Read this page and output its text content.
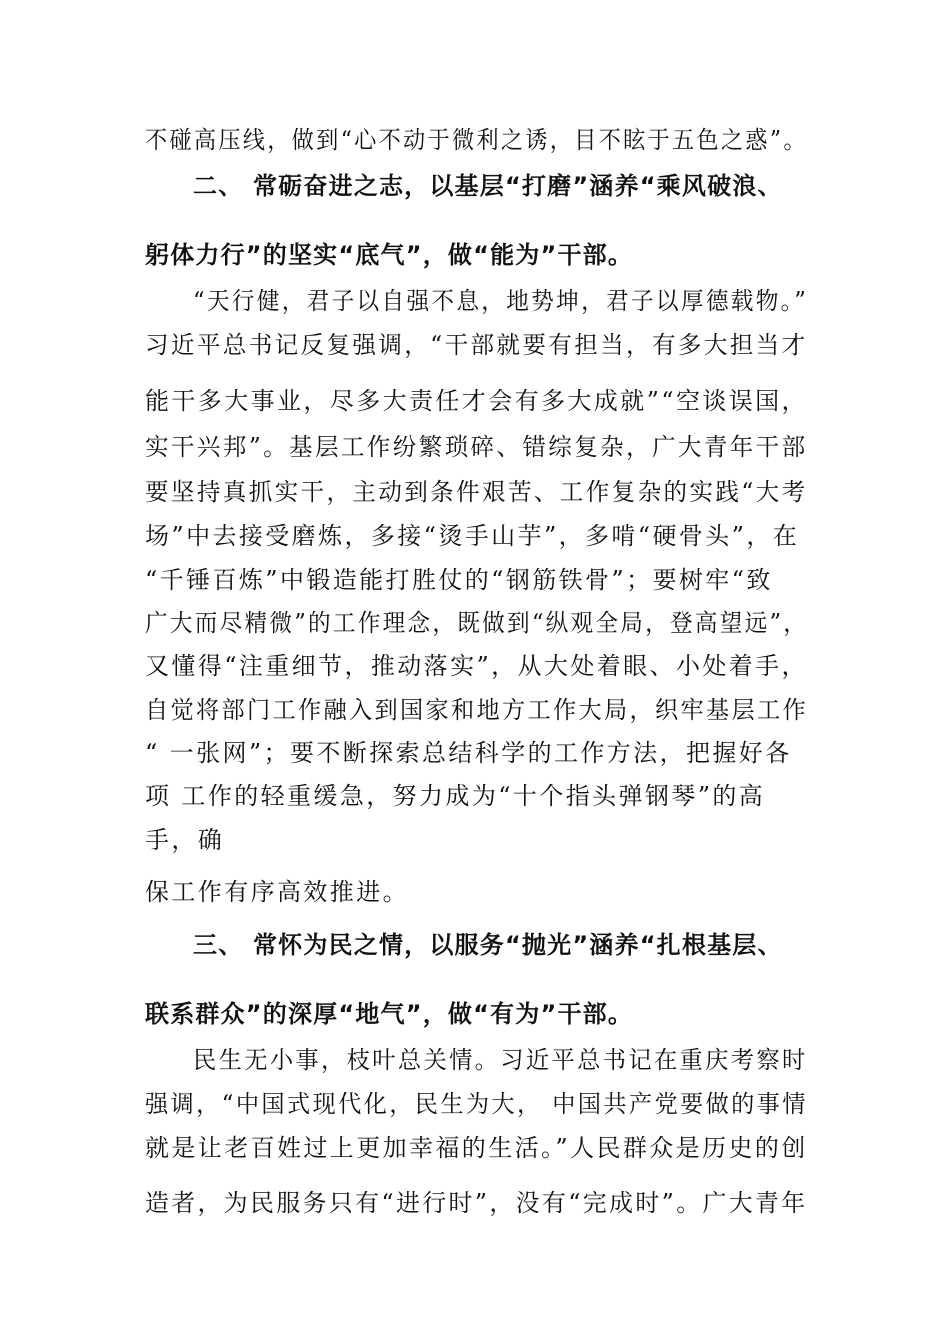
不碰高压线，做到“心不动于微利之诱，目不眩于五色之惑”。
二、 常砺奋进之志，以基层“打磨”涵养“乘风破浪、
躬体力行”的坚实“底气”，做“能为”干部。
“天行健，君子以自强不息，地势坤，君子以厚德载物。”
习近平总书记反复强调，“干部就要有担当，有多大担当才
能干多大事业，尽多大责任才会有多大成就”“空谈误国，
实干兴邦”。基层工作纷繁琐碎、错综复杂，广大青年干部
要坚持真抓实干，主动到条件艰苦、工作复杂的实践“大考
场”中去接受磨炼，多接“烫手山芋”，多啃“硬骨头”，在
“千锤百炼”中锻造能打胜仗的“钢筋铁骨”；要树牢“致
广大而尽精微”的工作理念，既做到“纵观全局，登高望远”，
又懂得“注重细节，推动落实”，从大处着眼、小处着手，
自觉将部门工作融入到国家和地方工作大局，织牢基层工作
“ 一张网”；要不断探索总结科学的工作方法，把握好各
项 工作的轻重缓急，努力成为“十个指头弹钢琴”的高
手，确
保工作有序高效推进。
三、 常怀为民之情，以服务“抛光”涵养“扎根基层、
联系群众”的深厚“地气”，做“有为”干部。
民生无小事，枝叶总关情。习近平总书记在重庆考察时
强调，“中国式现代化，民生为大， 中国共产党要做的事情
就是让老百姓过上更加幸福的生活。”人民群众是历史的创
造者，为民服务只有“进行时”，没有“完成时”。广大青年
